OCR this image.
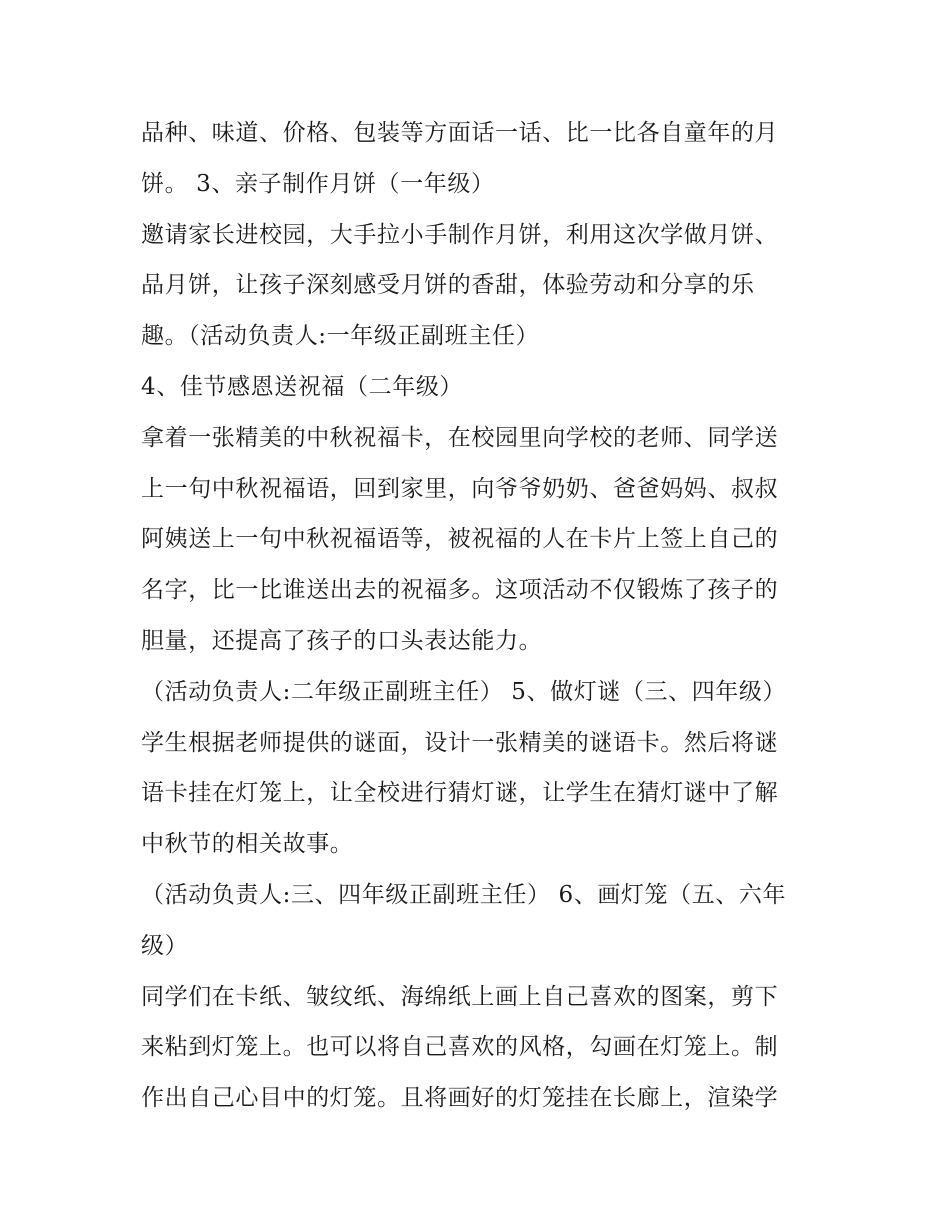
品种、味道、价格、包装等方面话一话、比一比各自童年的月
饼。 3、亲子制作月饼（一年级）
邀请家长进校园，大手拉小手制作月饼，利用这次学做月饼、
品月饼，让孩子深刻感受月饼的香甜，体验劳动和分享的乐
趣。（活动负责人:一年级正副班主任）
4、佳节感恩送祝福（二年级）
拿着一张精美的中秋祝福卡，在校园里向学校的老师、同学送
上一句中秋祝福语，回到家里，向爷爷奶奶、爸爸妈妈、叔叔
阿姨送上一句中秋祝福语等，被祝福的人在卡片上签上自己的
名字，比一比谁送出去的祝福多。这项活动不仅锻炼了孩子的
胆量，还提高了孩子的口头表达能力。
（活动负责人:二年级正副班主任） 5、做灯谜（三、四年级）
学生根据老师提供的谜面，设计一张精美的谜语卡。然后将谜
语卡挂在灯笼上，让全校进行猜灯谜，让学生在猜灯谜中了解
中秋节的相关故事。
（活动负责人:三、四年级正副班主任） 6、画灯笼（五、六年
级）
同学们在卡纸、皱纹纸、海绵纸上画上自己喜欢的图案，剪下
来粘到灯笼上。也可以将自己喜欢的风格，勾画在灯笼上。制
作出自己心目中的灯笼。且将画好的灯笼挂在长廊上，渲染学
